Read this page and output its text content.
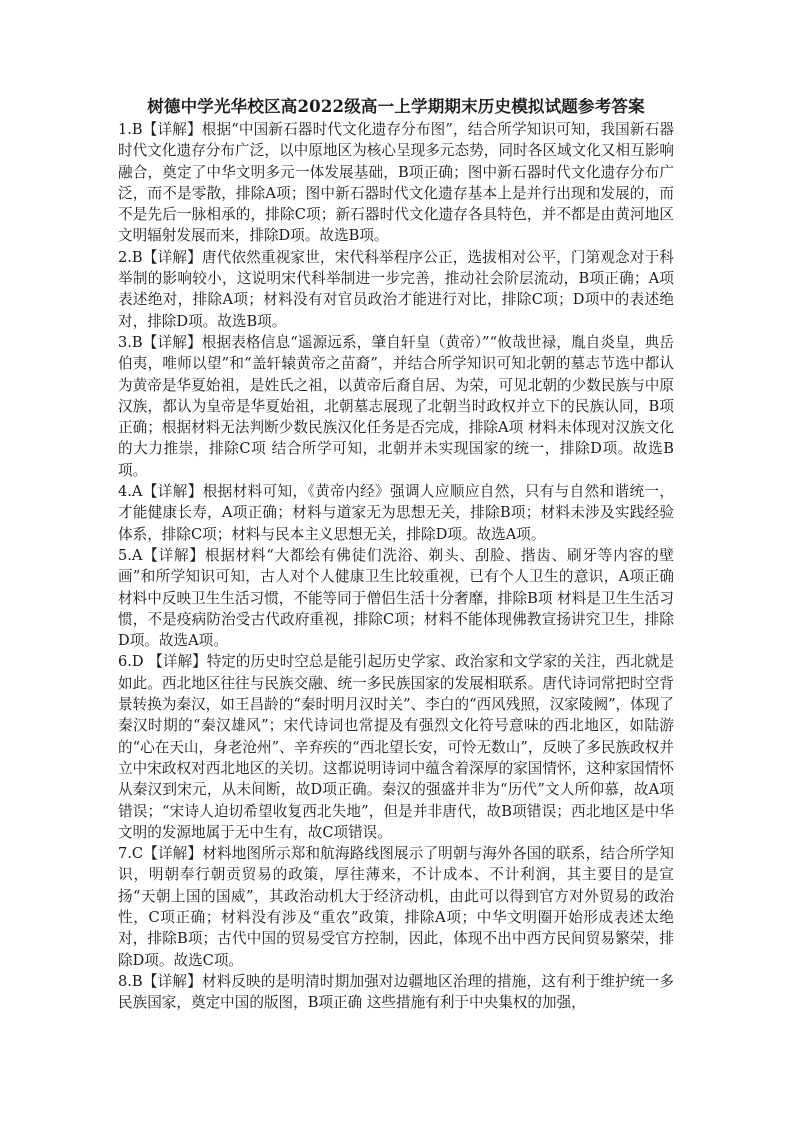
树德中学光华校区高2022级高一上学期期末历史模拟试题参考答案

1.B【详解】根据“中国新石器时代文化遗存分布图”，结合所学知识可知，我国新石器时代文化遗存分布广泛，以中原地区为核心呈现多元态势，同时各区域文化又相互影响融合，奠定了中华文明多元一体发展基础，B项正确；图中新石器时代文化遗存分布广泛，而不是零散，排除A项；图中新石器时代文化遗存基本上是并行出现和发展的，而不是先后一脉相承的，排除C项；新石器时代文化遗存各具特色，并不都是由黄河地区文明辐射发展而来，排除D项。故选B项。

2.B【详解】唐代依然重视家世，宋代科举程序公正，选拔相对公平，门第观念对于科举制的影响较小，这说明宋代科举制进一步完善，推动社会阶层流动，B项正确；A项表述绝对，排除A项；材料没有对官员政治才能进行对比，排除C项；D项中的表述绝对，排除D项。故选B项。

3.B【详解】根据表格信息“遥源远系，肇自轩皇（黄帝）”“攸哉世禄，胤自炎皇，典岳伯夷，唯师以望”和“盖轩辕黄帝之苗裔”，并结合所学知识可知北朝的墓志节选中都认为黄帝是华夏始祖，是姓氏之祖，以黄帝后裔自居、为荣，可见北朝的少数民族与中原汉族，都认为皇帝是华夏始祖，北朝墓志展现了北朝当时政权并立下的民族认同，B项正确；根据材料无法判断少数民族汉化任务是否完成，排除A项 材料未体现对汉族文化的大力推崇，排除C项 结合所学可知，北朝并未实现国家的统一，排除D项。故选B项。

4.A【详解】根据材料可知，《黄帝内经》强调人应顺应自然，只有与自然和谐统一，才能健康长寿，A项正确；材料与道家无为思想无关，排除B项；材料未涉及实践经验体系，排除C项；材料与民本主义思想无关，排除D项。故选A项。

5.A【详解】根据材料“大都绘有佛徒们洗浴、剃头、刮脸、揩齿、刷牙等内容的壁画”和所学知识可知，古人对个人健康卫生比较重视，已有个人卫生的意识，A项正确 材料中反映卫生生活习惯，不能等同于僧侣生活十分奢靡，排除B项 材料是卫生生活习惯，不是疫病防治受古代政府重视，排除C项；材料不能体现佛教宣扬讲究卫生，排除D项。故选A项。

6.D 【详解】特定的历史时空总是能引起历史学家、政治家和文学家的关注，西北就是如此。西北地区往往与民族交融、统一多民族国家的发展相联系。唐代诗词常把时空背景转换为秦汉，如王昌龄的“秦时明月汉时关”、李白的“西风残照，汉家陵阙”，体现了秦汉时期的“秦汉雄风”；宋代诗词也常提及有强烈文化符号意味的西北地区，如陆游的“心在天山，身老沧州”、辛弃疾的“西北望长安，可怜无数山”，反映了多民族政权并立中宋政权对西北地区的关切。这都说明诗词中蕴含着深厚的家国情怀，这种家国情怀从秦汉到宋元，从未间断，故D项正确。秦汉的强盛并非为“历代”文人所仰慕，故A项错误；“宋诗人迫切希望收复西北失地”，但是并非唐代，故B项错误；西北地区是中华文明的发源地属于无中生有，故C项错误。

7.C【详解】材料地图所示郑和航海路线图展示了明朝与海外各国的联系，结合所学知识，明朝奉行朝贡贸易的政策，厚往薄来，不计成本、不计利润，其主要目的是宣扬“天朝上国的国威”，其政治动机大于经济动机，由此可以得到官方对外贸易的政治性，C项正确；材料没有涉及“重农”政策，排除A项；中华文明圈开始形成表述太绝对，排除B项；古代中国的贸易受官方控制，因此，体现不出中西方民间贸易繁荣，排除D项。故选C项。

8.B【详解】材料反映的是明清时期加强对边疆地区治理的措施，这有利于维护统一多民族国家，奠定中国的版图，B项正确 这些措施有利于中央集权的加强，
